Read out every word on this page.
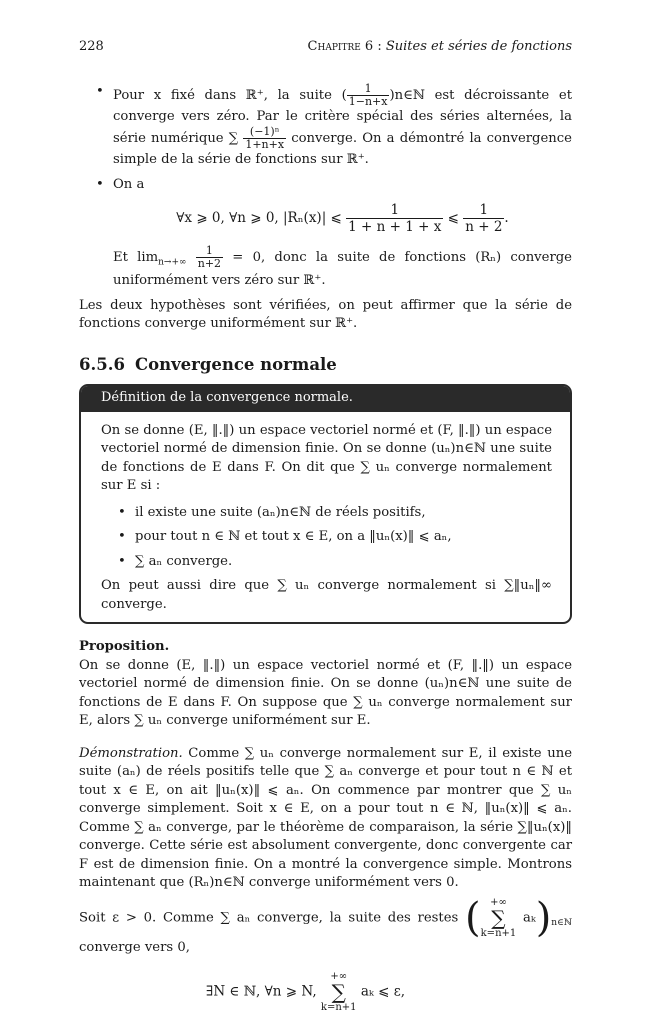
228	Chapitre 6 : Suites et séries de fonctions
• Pour x fixé dans ℝ⁺, la suite ( $\frac{1}{1-n+x}$ )n∈ℕ est décroissante et converge vers zéro. Par le critère spécial des séries alternées, la série numérique ∑ $\frac{\text{(−1)ⁿ}}{1+n+x}$ converge. On a démontré la convergence simple de la série de fonctions sur ℝ⁺.
• On a
∀x ⩾ 0, ∀n ⩾ 0, |Rₙ(x)| ⩽ $\frac{1}{1 + n + 1 + x}$ ⩽ $\frac{1}{n + 2}$ .
Et $\lim_{n\to+\infty} \frac{1}{n+2} = 0$, donc la suite de fonctions (Rₙ) converge uniformément vers zéro sur ℝ⁺.

Les deux hypothèses sont vérifiées, on peut affirmer que la série de fonctions converge uniformément sur ℝ⁺.

6.5.6 Convergence normale
Définition de la convergence normale.

On se donne (E, ‖.‖) un espace vectoriel normé et (F, ‖.‖) un espace vectoriel normé de dimension finie. On se donne (uₙ)n∈ℕ une suite de fonctions de E dans F. On dit que ∑ uₙ converge normalement sur E si :

• il existe une suite (aₙ)n∈ℕ de réels positifs,
• pour tout n ∈ ℕ et tout x ∈ E, on a ‖uₙ(x)‖ ⩽ aₙ,
• ∑ aₙ converge.

On peut aussi dire que ∑ uₙ converge normalement si ∑‖uₙ‖∞ converge.

Proposition.

On se donne (E, ‖.‖) un espace vectoriel normé et (F, ‖.‖) un espace vectoriel normé de dimension finie. On se donne (uₙ)n∈ℕ une suite de fonctions de E dans F. On suppose que ∑ uₙ converge normalement sur E, alors ∑ uₙ converge uniformément sur E.

Démonstration. Comme ∑ uₙ converge normalement sur E, il existe une suite (aₙ) de réels positifs telle que ∑ aₙ converge et pour tout n ∈ ℕ et tout x ∈ E, on ait ‖uₙ(x)‖ ⩽ aₙ. On commence par montrer que ∑ uₙ converge simplement. Soit x ∈ E, on a pour tout n ∈ ℕ, ‖uₙ(x)‖ ⩽ aₙ. Comme ∑ aₙ converge, par le théorème de comparaison, la série ∑‖uₙ(x)‖ converge. Cette série est absolument convergente, donc convergente car F est de dimension finie. On a montré la convergence simple. Montrons maintenant que (Rₙ)n∈ℕ converge uniformément vers 0.

Soit ε > 0. Comme ∑ aₙ converge, la suite des restes ( +∞
∑
k=n+1 $a_k)_{n\in ℕ}$ converge vers 0,

∃N ∈ ℕ, ∀n ⩾ N, +∞
∑
k=n+1 aₖ ⩽ ε,
